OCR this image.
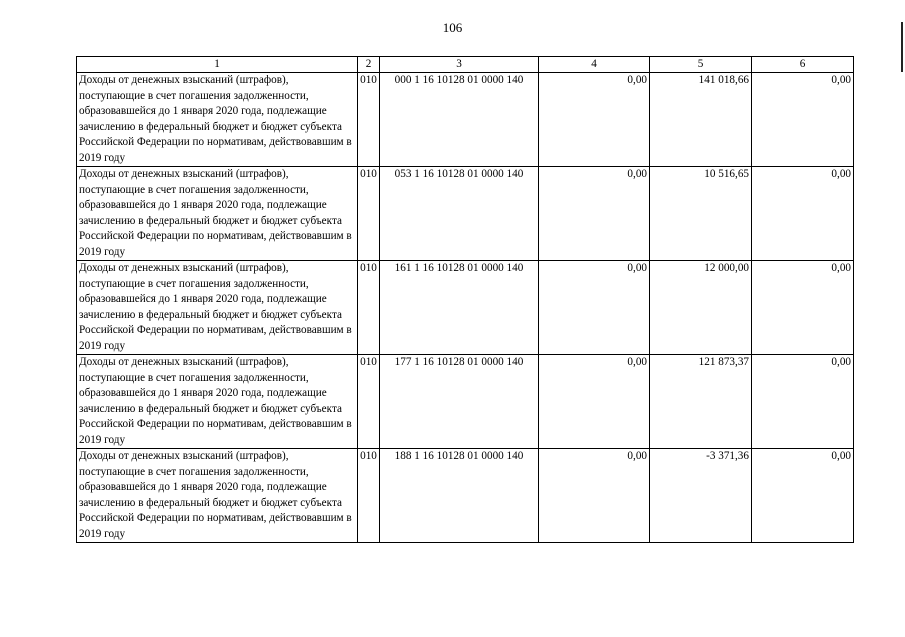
106
1	2	3	4	5	6
Доходы от денежных взысканий (штрафов), поступающие в счет погашения задолженности, образовавшейся до 1 января 2020 года, подлежащие зачислению в федеральный бюджет и бюджет субъекта Российской Федерации по нормативам, действовавшим в 2019 году	010	000 1 16 10128 01 0000 140	0,00	141 018,66	0,00
Доходы от денежных взысканий (штрафов), поступающие в счет погашения задолженности, образовавшейся до 1 января 2020 года, подлежащие зачислению в федеральный бюджет и бюджет субъекта Российской Федерации по нормативам, действовавшим в 2019 году	010	053 1 16 10128 01 0000 140	0,00	10 516,65	0,00
Доходы от денежных взысканий (штрафов), поступающие в счет погашения задолженности, образовавшейся до 1 января 2020 года, подлежащие зачислению в федеральный бюджет и бюджет субъекта Российской Федерации по нормативам, действовавшим в 2019 году	010	161 1 16 10128 01 0000 140	0,00	12 000,00	0,00
Доходы от денежных взысканий (штрафов), поступающие в счет погашения задолженности, образовавшейся до 1 января 2020 года, подлежащие зачислению в федеральный бюджет и бюджет субъекта Российской Федерации по нормативам, действовавшим в 2019 году	010	177 1 16 10128 01 0000 140	0,00	121 873,37	0,00
Доходы от денежных взысканий (штрафов), поступающие в счет погашения задолженности, образовавшейся до 1 января 2020 года, подлежащие зачислению в федеральный бюджет и бюджет субъекта Российской Федерации по нормативам, действовавшим в 2019 году	010	188 1 16 10128 01 0000 140	0,00	-3 371,36	0,00
